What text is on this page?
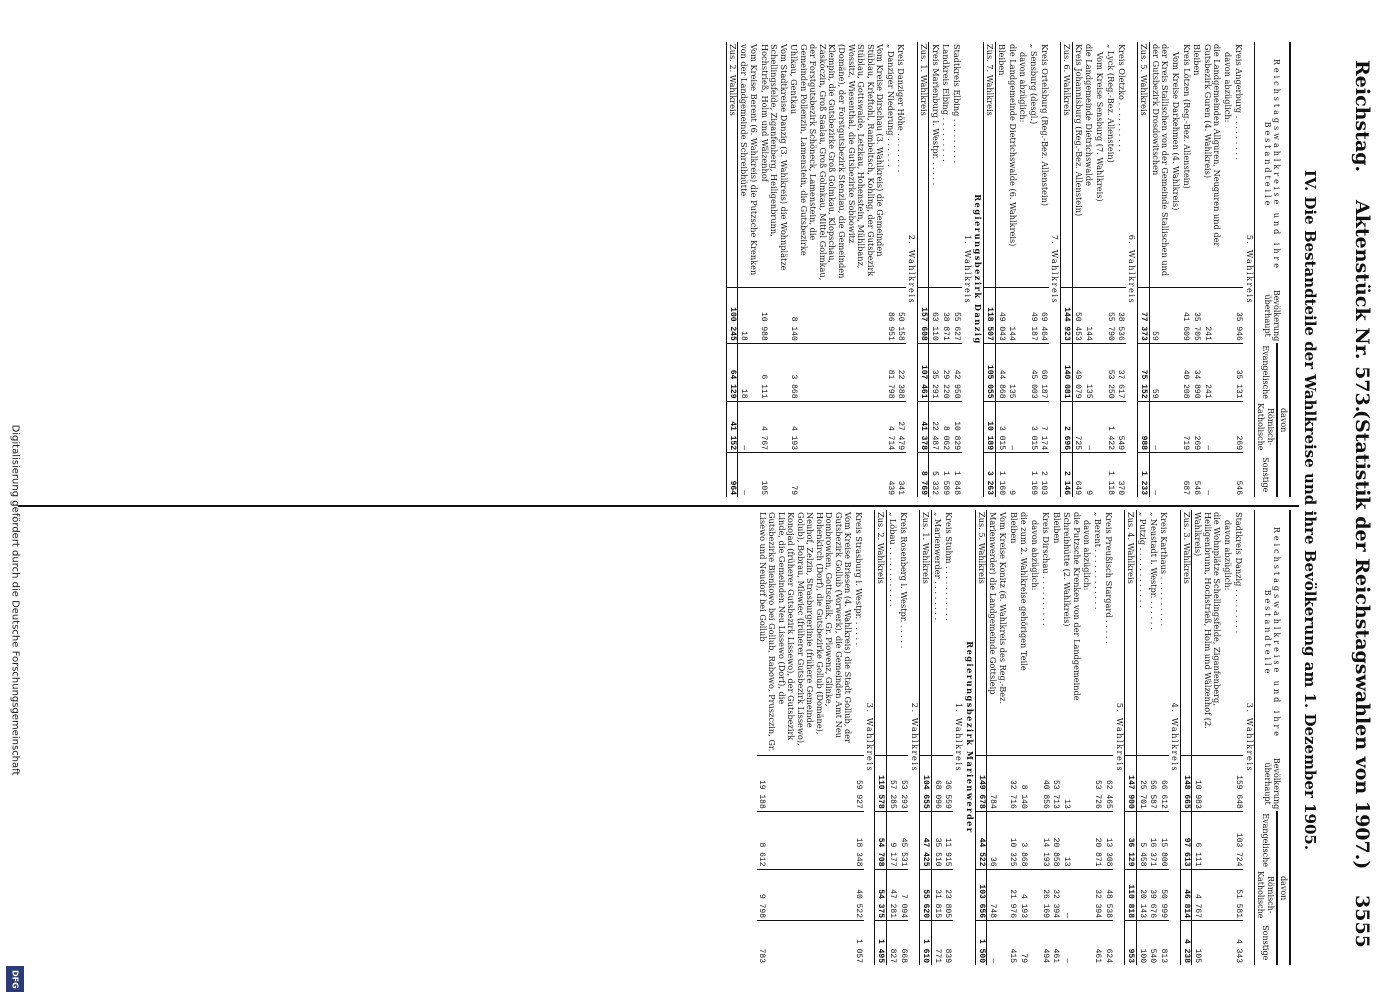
Digitalisierung gefördert durch die Deutsche Forschungsgemeinschaft
DFG
Reichstag.
Aktenstück Nr. 573.
(Statistik der Reichstagswahlen von 1907.)
3555
IV. Die Bestandteile der Wahlkreise und ihre Bevölkerung am 1. Dezember 1905.
Reichstagswahlkreise und ihre Bestandteile	Bevölkerung überhaupt	davon		
		Evangelische	Römisch-Katholische	Sonstige
5. Wahlkreis				
Kreis Angerburg . . . . . . . . .	35 946	35 131	269	546
davon abzüglich:				
die Landgemeinden Allguren, Neuguren und der Gutsbezirk Guren (4. Wahlkreis)	241	241	—	—
Bleiben	35 705	34 890	269	546
Kreis Lötzen (Reg.-Bez. Allenstein)	41 609	40 208	719	687
Vom Kreise Darkehmen (4. Wahlkreis)				
der Kreis Stallischen von der Gemeinde Stallischen und der Gutsbezirk Drosdowitschen	59	59	—	—
Zus. 5. Wahlkreis	77 373	75 152	988	1 233
6. Wahlkreis				
Kreis Oletzko . . . . . . . . . .	38 536	37 617	549	370
„ Lyck (Reg.-Bez. Allenstein)	55 790	53 250	1 422	1 118
Vom Kreise Sensburg (7. Wahlkreis)				
die Landgemeinde Dietrichswalde	144	135	—	9
Kreis Johannisburg (Reg.-Bez. Allenstein)	50 453	49 079	725	649
Zus. 6. Wahlkreis	144 923	140 081	2 696	2 146
7. Wahlkreis				
Kreis Ortelsburg (Reg.-Bez. Allenstein)	69 464	60 187	7 174	2 103
„ Sensburg (desgl.)	49 187	45 003	3 015	1 169
davon abzüglich:				
die Landgemeinde Dietrichswalde (6. Wahlkreis)	144	135	—	9
Bleiben	49 043	44 868	3 015	1 160
Zus. 7. Wahlkreis	118 507	105 055	10 189	3 263
Regierungsbezirk Danzig				
1. Wahlkreis				
Stadtkreis Elbing . . . . . . . . .	55 627	42 950	10 829	1 848
Landkreis Elbing . . . . . . . . .	38 871	29 220	8 062	1 589
Kreis Marienburg i. Westpr. . . . . .	63 110	35 291	22 487	5 332
Zus. 1. Wahlkreis	157 608	107 461	41 378	8 769
2. Wahlkreis				
Kreis Danziger Höhe . . . . . . . .	50 158	22 388	27 479	341
„ Danziger Niederung . . . . . .	86 951	81 798	4 714	439
Vom Kreise Dirschau (3. Wahlkreis) die Gemeinden Stüblau, Krieftohl, Rambeltsch, Kohling, der Gutsbezirk Stüblau, Gottswalde, Letzkau, Hohenstein, Mühlbanz, Wossitz, Wiesenthal, die Gutsbezirke Sobbowitz (Domäne), der Forstgutsbezirk Stenzlau, die Gemeinden Klempin, die Gutsbezirke Groß Golmkau, Klopschau, Zaskoczin, Groß Saalau, Groß Golmkau, Mittel Golmkau, der Forstgutsbezirk Schöneck, Lamenstein, die Gemeinden Pollenzin, Lamenstein, die Gutsbezirke Uhlkau, Gentkau	8 140	3 868	4 193	79
Vom Stadtkreise Danzig (3. Wahlkreis) die Wohnplätze Schellingsfelde, Ziganfenberg, Heiligenbrunn, Hochstrieß, Holm und Wälzenhof	10 988	6 111	4 767	105
Vom Kreise Berent (6. Wahlkreis) die Putzsche Krenken von der Landgemeinde Schreibhütte	18	18	—	—
Zus. 2. Wahlkreis	100 245	64 129	41 152	964
Reichstagswahlkreise und ihre Bestandteile	Bevölkerung überhaupt	davon		
		Evangelische	Römisch-Katholische	Sonstige
3. Wahlkreis				
Stadtkreis Danzig . . . . . . . . .	159 648	103 724	51 581	4 343
davon abzüglich:				
die Wohnplätze Schellingsfelde, Ziganfenberg, Heiligenbrunn, Hochstrieß, Holm und Wälzenhof (2. Wahlkreis)	10 983	6 111	4 767	105
Zus. 3. Wahlkreis	148 665	97 613	46 814	4 238
4. Wahlkreis				
Kreis Karthaus . . . . . . . . . .	66 612	15 800	50 999	813
„ Neustadt i. Westpr. . . . . . .	56 587	16 371	39 676	540
„ Putzig . . . . . . . . . . . .	25 701	5 458	20 143	100
Zus. 4. Wahlkreis	147 900	36 129	110 818	953
5. Wahlkreis				
Kreis Preußisch Stargard . . . . .	62 465	13 308	48 538	624
„ Berent . . . . . . . . . . . .	53 726	20 871	32 394	461
davon abzüglich:				
die Putzsche Krenken von der Landgemeinde Schreibhütte (2. Wahlkreis)	13	13	—	—
Bleiben	53 713	20 858	32 394	461
Kreis Dirschau . . . . . . . . . .	40 856	14 193	26 169	494
davon abzüglich:				
die zum 2. Wahlkreise gehörigen Teile	8 140	3 868	4 193	79
Bleiben	32 716	10 325	21 976	415
Vom Kreise Konitz (6. Wahlkreis des Reg.-Bez. Marienwerder) die Landgemeinde Gottsleip	784	36	748	—
Zus. 5. Wahlkreis	149 678	44 522	103 656	1 500
Regierungsbezirk Marienwerder				
1. Wahlkreis				
Kreis Stuhm . . . . . . . . . . .	36 559	11 915	23 805	839
„ Marienwerder . . . . . . . .	68 096	35 510	31 815	771
Zus. 1. Wahlkreis	104 655	47 425	55 620	1 610
2. Wahlkreis				
Kreis Rosenberg i. Westpr. . . . . .	53 293	45 531	7 094	668
„ Löbau . . . . . . . . . . . .	57 285	9 177	47 281	827
Zus. 2. Wahlkreis	110 578	54 708	54 375	1 495
3. Wahlkreis				
Kreis Strasburg i. Westpr. . . . . .	59 927	18 348	40 522	1 057
Vom Kreise Briesen (4. Wahlkreis) die Stadt Gollub, der Gutsbezirk Gollub (Vorwerk), die Gemeinden Amt Neu Dombrowken, Gottschalk, Gr. Plowenz, Glinke, Hohenkirch (Dorf), die Gutsbezirke Gollub (Domäne), Neuhof, Zelzin, Strasburgerlinie (frühere Gemeinde Golub), Bobrau, Mlewiec (früherer Gutsbezirk Lissewo), Konojad (früherer Gutsbezirk Lissewo), der Gutsbezirk Linde, die Gemeinden Neu Lissewo (Dorf), die Gutsbezirke Bienkowo bei Gollub, Rabowo, Pruszczin, Gr. Lisewo und Neudorf bei Gollub	19 188	8 612	9 798	783
